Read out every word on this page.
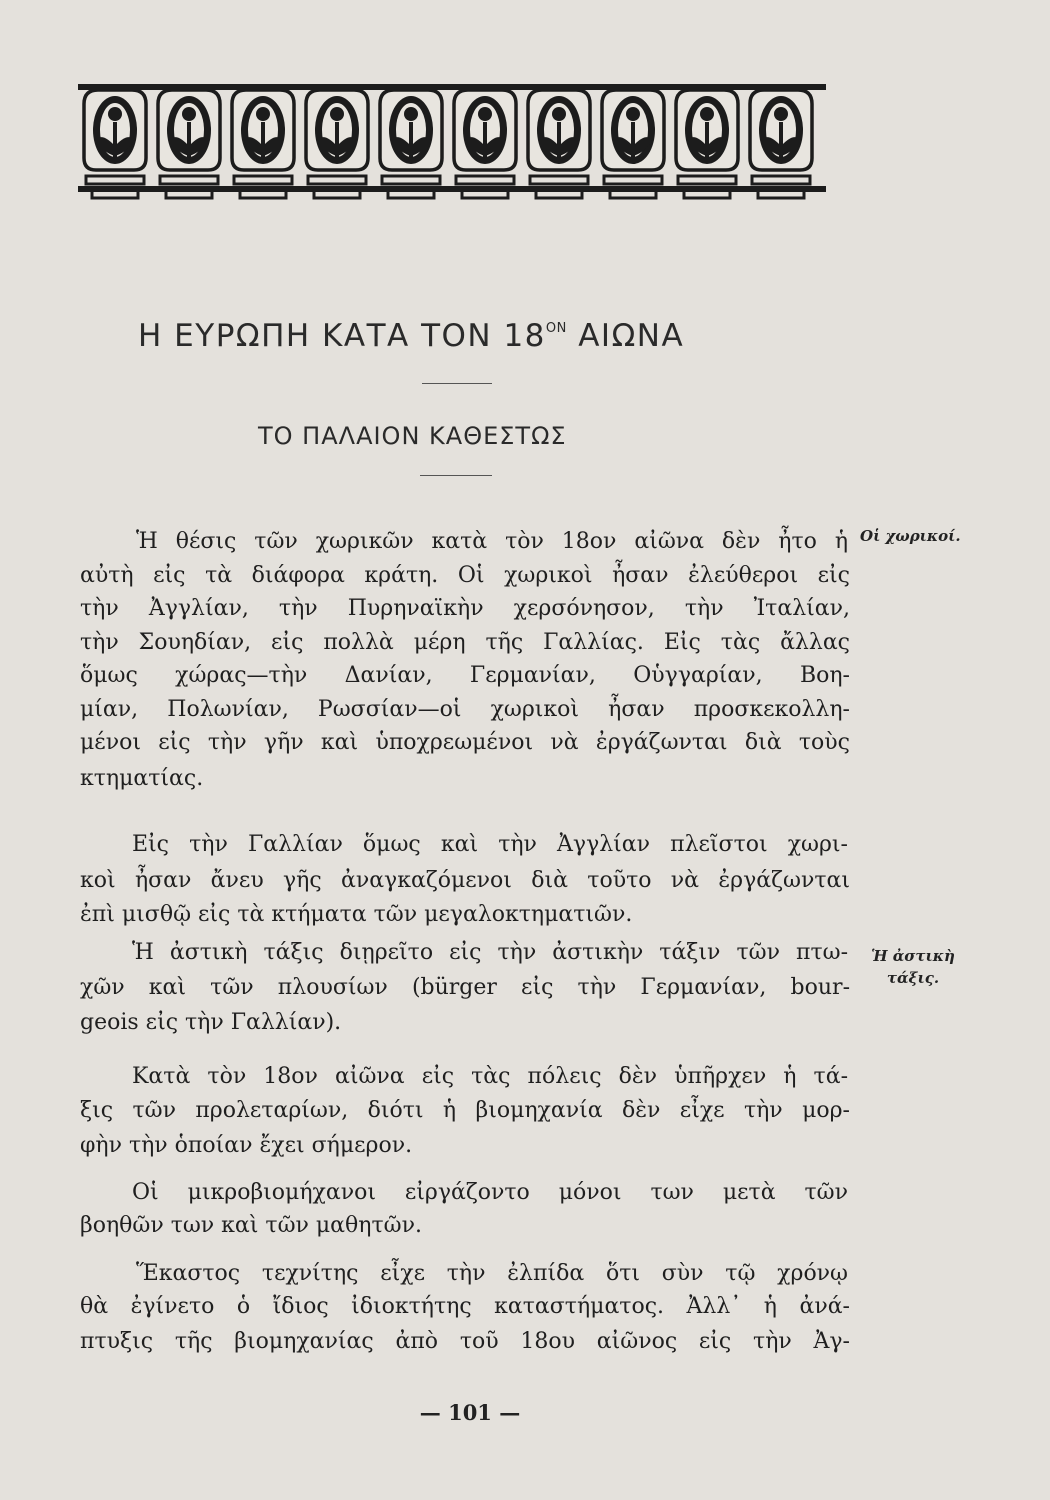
Η ΕΥΡΩΠΗ ΚΑΤΑ ΤΟΝ $18^{ON}$ ΑΙΩΝΑ
ΤΟ ΠΑΛΑΙΟΝ ΚΑΘΕΣΤΩΣ
Ἡ θέσις τῶν χωρικῶν κατὰ τὸν 18ον αἰῶνα δὲν ἦτο ἡ
αὐτὴ εἰς τὰ διάφορα κράτη. Οἱ χωρικοὶ ἦσαν ἐλεύθεροι εἰς
τὴν Ἀγγλίαν, τὴν Πυρηναϊκὴν χερσόνησον, τὴν Ἰταλίαν,
τὴν Σουηδίαν, εἰς πολλὰ μέρη τῆς Γαλλίας. Εἰς τὰς ἄλλας
ὅμως χώρας—τὴν Δανίαν, Γερμανίαν, Οὑγγαρίαν, Βοη-
μίαν, Πολωνίαν, Ρωσσίαν—οἱ χωρικοὶ ἦσαν προσκεκολλη-
μένοι εἰς τὴν γῆν καὶ ὑποχρεωμένοι νὰ ἐργάζωνται διὰ τοὺς
κτηματίας.
Εἰς τὴν Γαλλίαν ὅμως καὶ τὴν Ἀγγλίαν πλεῖστοι χωρι-
κοὶ ἦσαν ἄνευ γῆς ἀναγκαζόμενοι διὰ τοῦτο νὰ ἐργάζωνται
ἐπὶ μισθῷ εἰς τὰ κτήματα τῶν μεγαλοκτηματιῶν.
Ἡ ἀστικὴ τάξις διῃρεῖτο εἰς τὴν ἀστικὴν τάξιν τῶν πτω-
χῶν καὶ τῶν πλουσίων (bürger εἰς τὴν Γερμανίαν, bour-
geois εἰς τὴν Γαλλίαν).
Κατὰ τὸν 18ον αἰῶνα εἰς τὰς πόλεις δὲν ὑπῆρχεν ἡ τά-
ξις τῶν προλεταρίων, διότι ἡ βιομηχανία δὲν εἶχε τὴν μορ-
φὴν τὴν ὁποίαν ἔχει σήμερον.
Οἱ μικροβιομήχανοι εἰργάζοντο μόνοι των μετὰ τῶν
βοηθῶν των καὶ τῶν μαθητῶν.
Ἕκαστος τεχνίτης εἶχε τὴν ἐλπίδα ὅτι σὺν τῷ χρόνῳ
θὰ ἐγίνετο ὁ ἴδιος ἰδιοκτήτης καταστήματος. Ἀλλ᾽ ἡ ἀνά-
πτυξις τῆς βιομηχανίας ἀπὸ τοῦ 18ου αἰῶνος εἰς τὴν Ἀγ-
Οἱ χωρικοί.
Ἡ ἀστικὴ
τάξις.
— 101 —
